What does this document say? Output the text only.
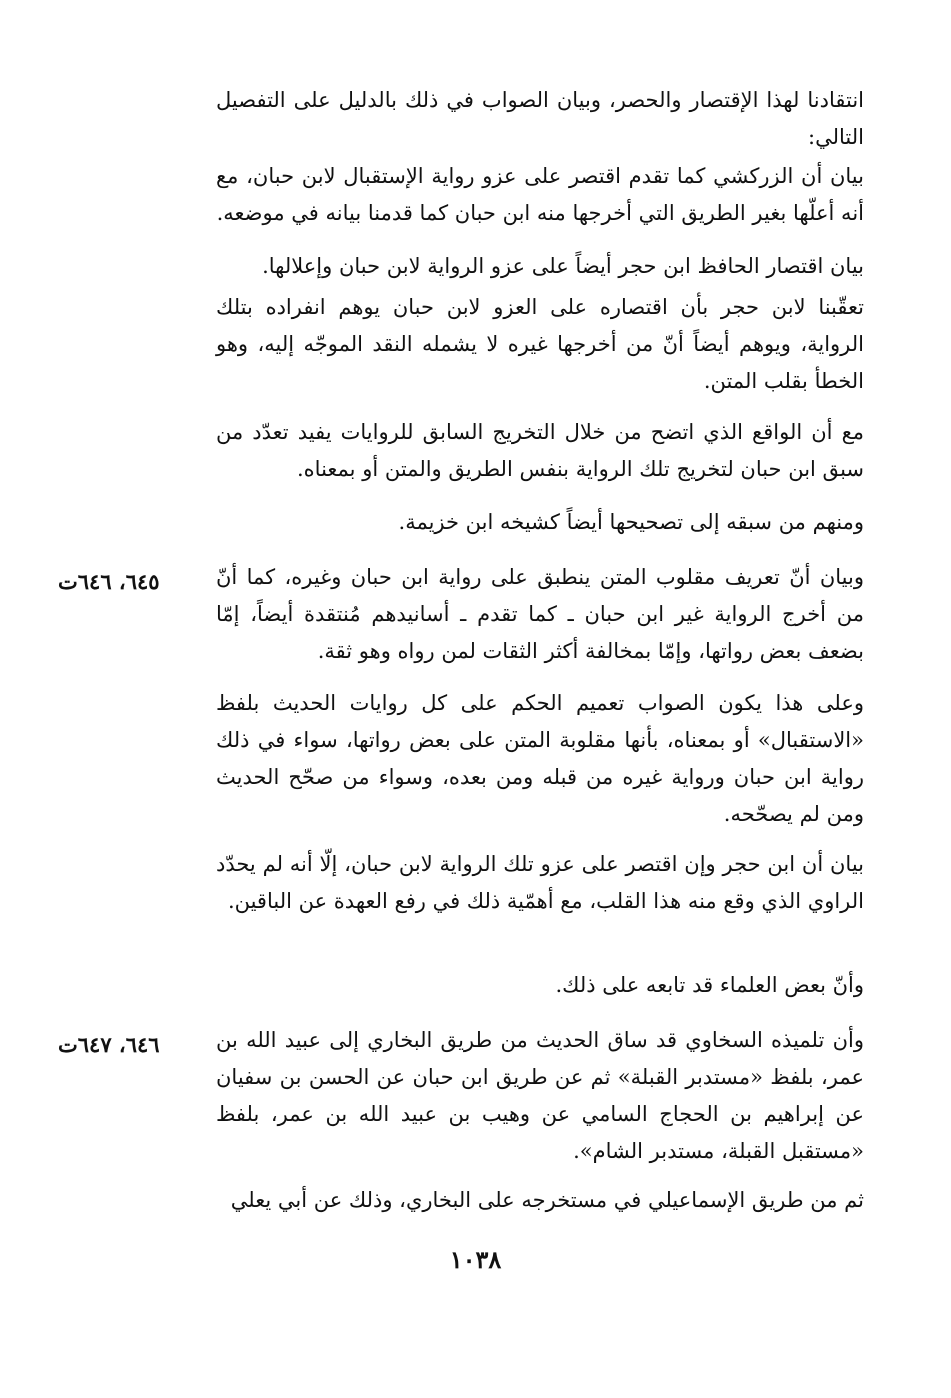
انتقادنا لهذا الإقتصار والحصر، وبيان الصواب في ذلك بالدليل على التفصيل التالي:
بيان أن الزركشي كما تقدم اقتصر على عزو رواية الإستقبال لابن حبان، مع أنه أعلّها بغير الطريق التي أخرجها منه ابن حبان كما قدمنا بيانه في موضعه.
بيان اقتصار الحافظ ابن حجر أيضاً على عزو الرواية لابن حبان وإعلالها.
تعقّبنا لابن حجر بأن اقتصاره على العزو لابن حبان يوهم انفراده بتلك الرواية، ويوهم أيضاً أنّ من أخرجها غيره لا يشمله النقد الموجّه إليه، وهو الخطأ بقلب المتن.
مع أن الواقع الذي اتضح من خلال التخريج السابق للروايات يفيد تعدّد من سبق ابن حبان لتخريج تلك الرواية بنفس الطريق والمتن أو بمعناه.
ومنهم من سبقه إلى تصحيحها أيضاً كشيخه ابن خزيمة.
وبيان أنّ تعريف مقلوب المتن ينطبق على رواية ابن حبان وغيره، كما أنّ من أخرج الرواية غير ابن حبان ـ كما تقدم ـ أسانيدهم مُنتقدة أيضاً، إمّا بضعف بعض رواتها، وإمّا بمخالفة أكثر الثقات لمن رواه وهو ثقة.
٦٤٥، ٦٤٦ت
وعلى هذا يكون الصواب تعميم الحكم على كل روايات الحديث بلفظ «الاستقبال» أو بمعناه، بأنها مقلوبة المتن على بعض رواتها، سواء في ذلك رواية ابن حبان ورواية غيره من قبله ومن بعده، وسواء من صحّح الحديث ومن لم يصحّحه.
بيان أن ابن حجر وإن اقتصر على عزو تلك الرواية لابن حبان، إلّا أنه لم يحدّد الراوي الذي وقع منه هذا القلب، مع أهمّية ذلك في رفع العهدة عن الباقين.
وأنّ بعض العلماء قد تابعه على ذلك.
وأن تلميذه السخاوي قد ساق الحديث من طريق البخاري إلى عبيد الله بن عمر، بلفظ «مستدبر القبلة» ثم عن طريق ابن حبان عن الحسن بن سفيان عن إبراهيم بن الحجاج السامي عن وهيب بن عبيد الله بن عمر، بلفظ «مستقبل القبلة، مستدبر الشام».
٦٤٦، ٦٤٧ت
ثم من طريق الإسماعيلي في مستخرجه على البخاري، وذلك عن أبي يعلي
١٠٣٨
